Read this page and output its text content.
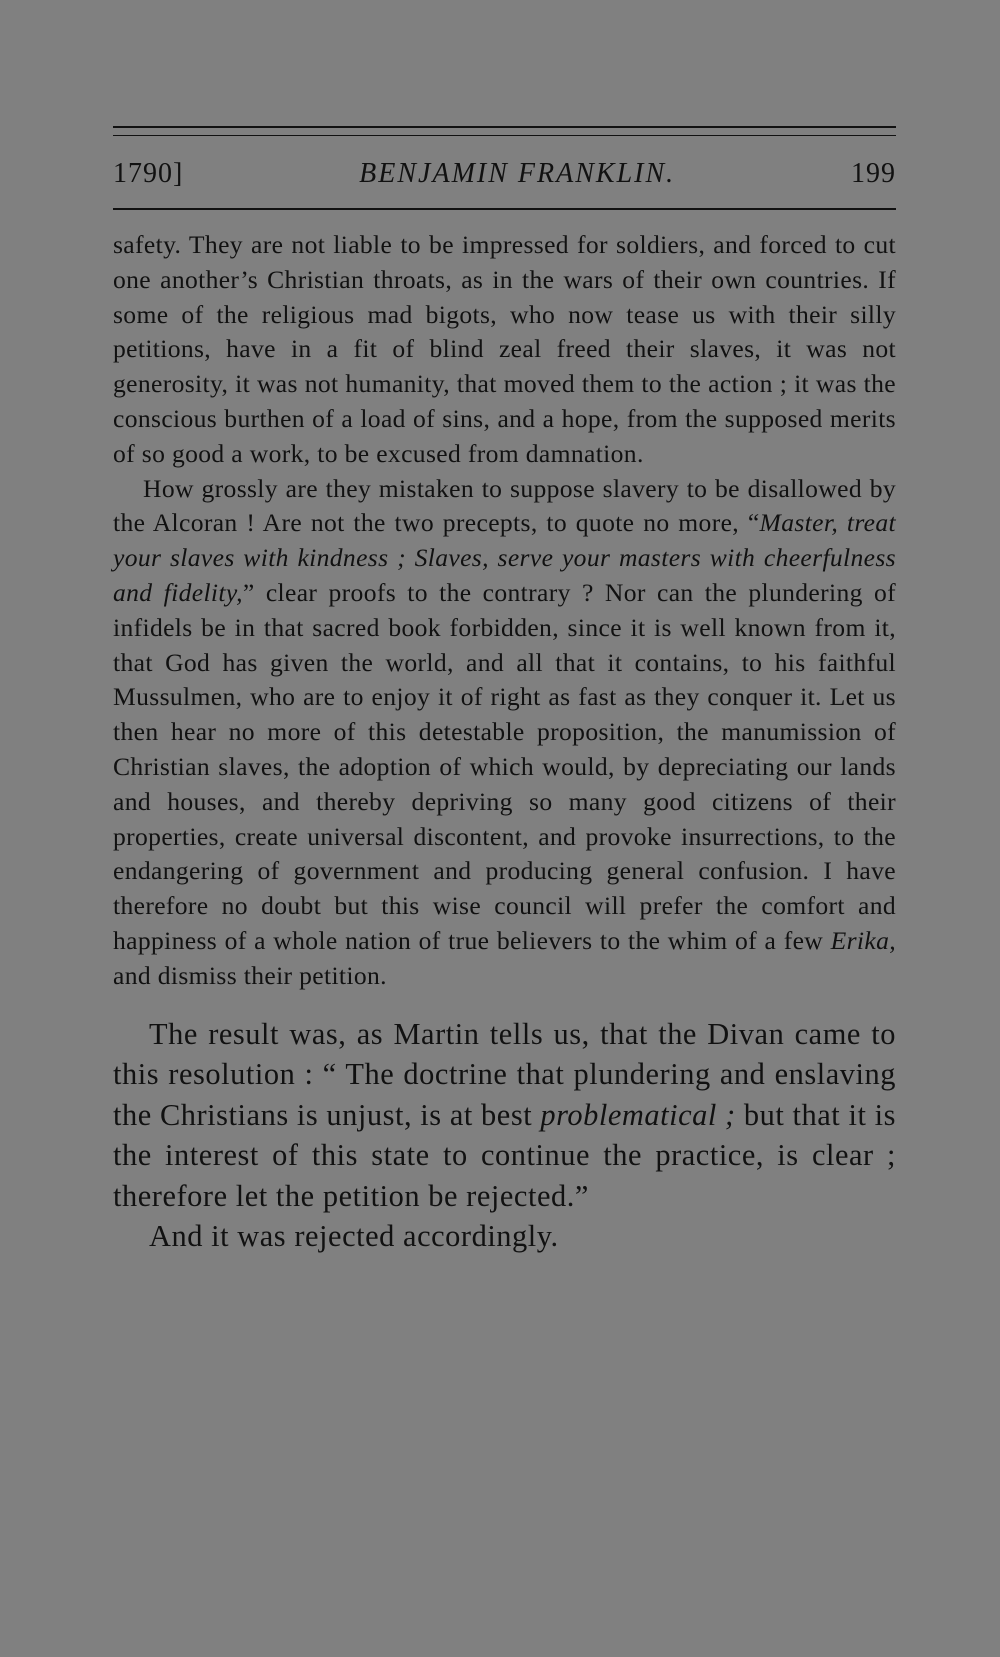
1790]	BENJAMIN FRANKLIN.	199

safety. They are not liable to be impressed for soldiers, and forced to cut one another’s Christian throats, as in the wars of their own countries. If some of the religious mad bigots, who now tease us with their silly petitions, have in a fit of blind zeal freed their slaves, it was not generosity, it was not humanity, that moved them to the action ; it was the conscious burthen of a load of sins, and a hope, from the supposed merits of so good a work, to be excused from damnation.

How grossly are they mistaken to suppose slavery to be disallowed by the Alcoran ! Are not the two precepts, to quote no more, “Master, treat your slaves with kindness ; Slaves, serve your masters with cheerfulness and fidelity,” clear proofs to the contrary ? Nor can the plundering of infidels be in that sacred book forbidden, since it is well known from it, that God has given the world, and all that it contains, to his faithful Mussulmen, who are to enjoy it of right as fast as they conquer it. Let us then hear no more of this detestable proposition, the manumission of Christian slaves, the adoption of which would, by depreciating our lands and houses, and thereby depriving so many good citizens of their properties, create universal discontent, and provoke insurrections, to the endangering of government and producing general confusion. I have therefore no doubt but this wise council will prefer the comfort and happiness of a whole nation of true believers to the whim of a few Erika, and dismiss their petition.

The result was, as Martin tells us, that the Divan came to this resolution : “ The doctrine that plundering and enslaving the Christians is unjust, is at best problematical ; but that it is the interest of this state to continue the practice, is clear ; therefore let the petition be rejected.”

And it was rejected accordingly.
